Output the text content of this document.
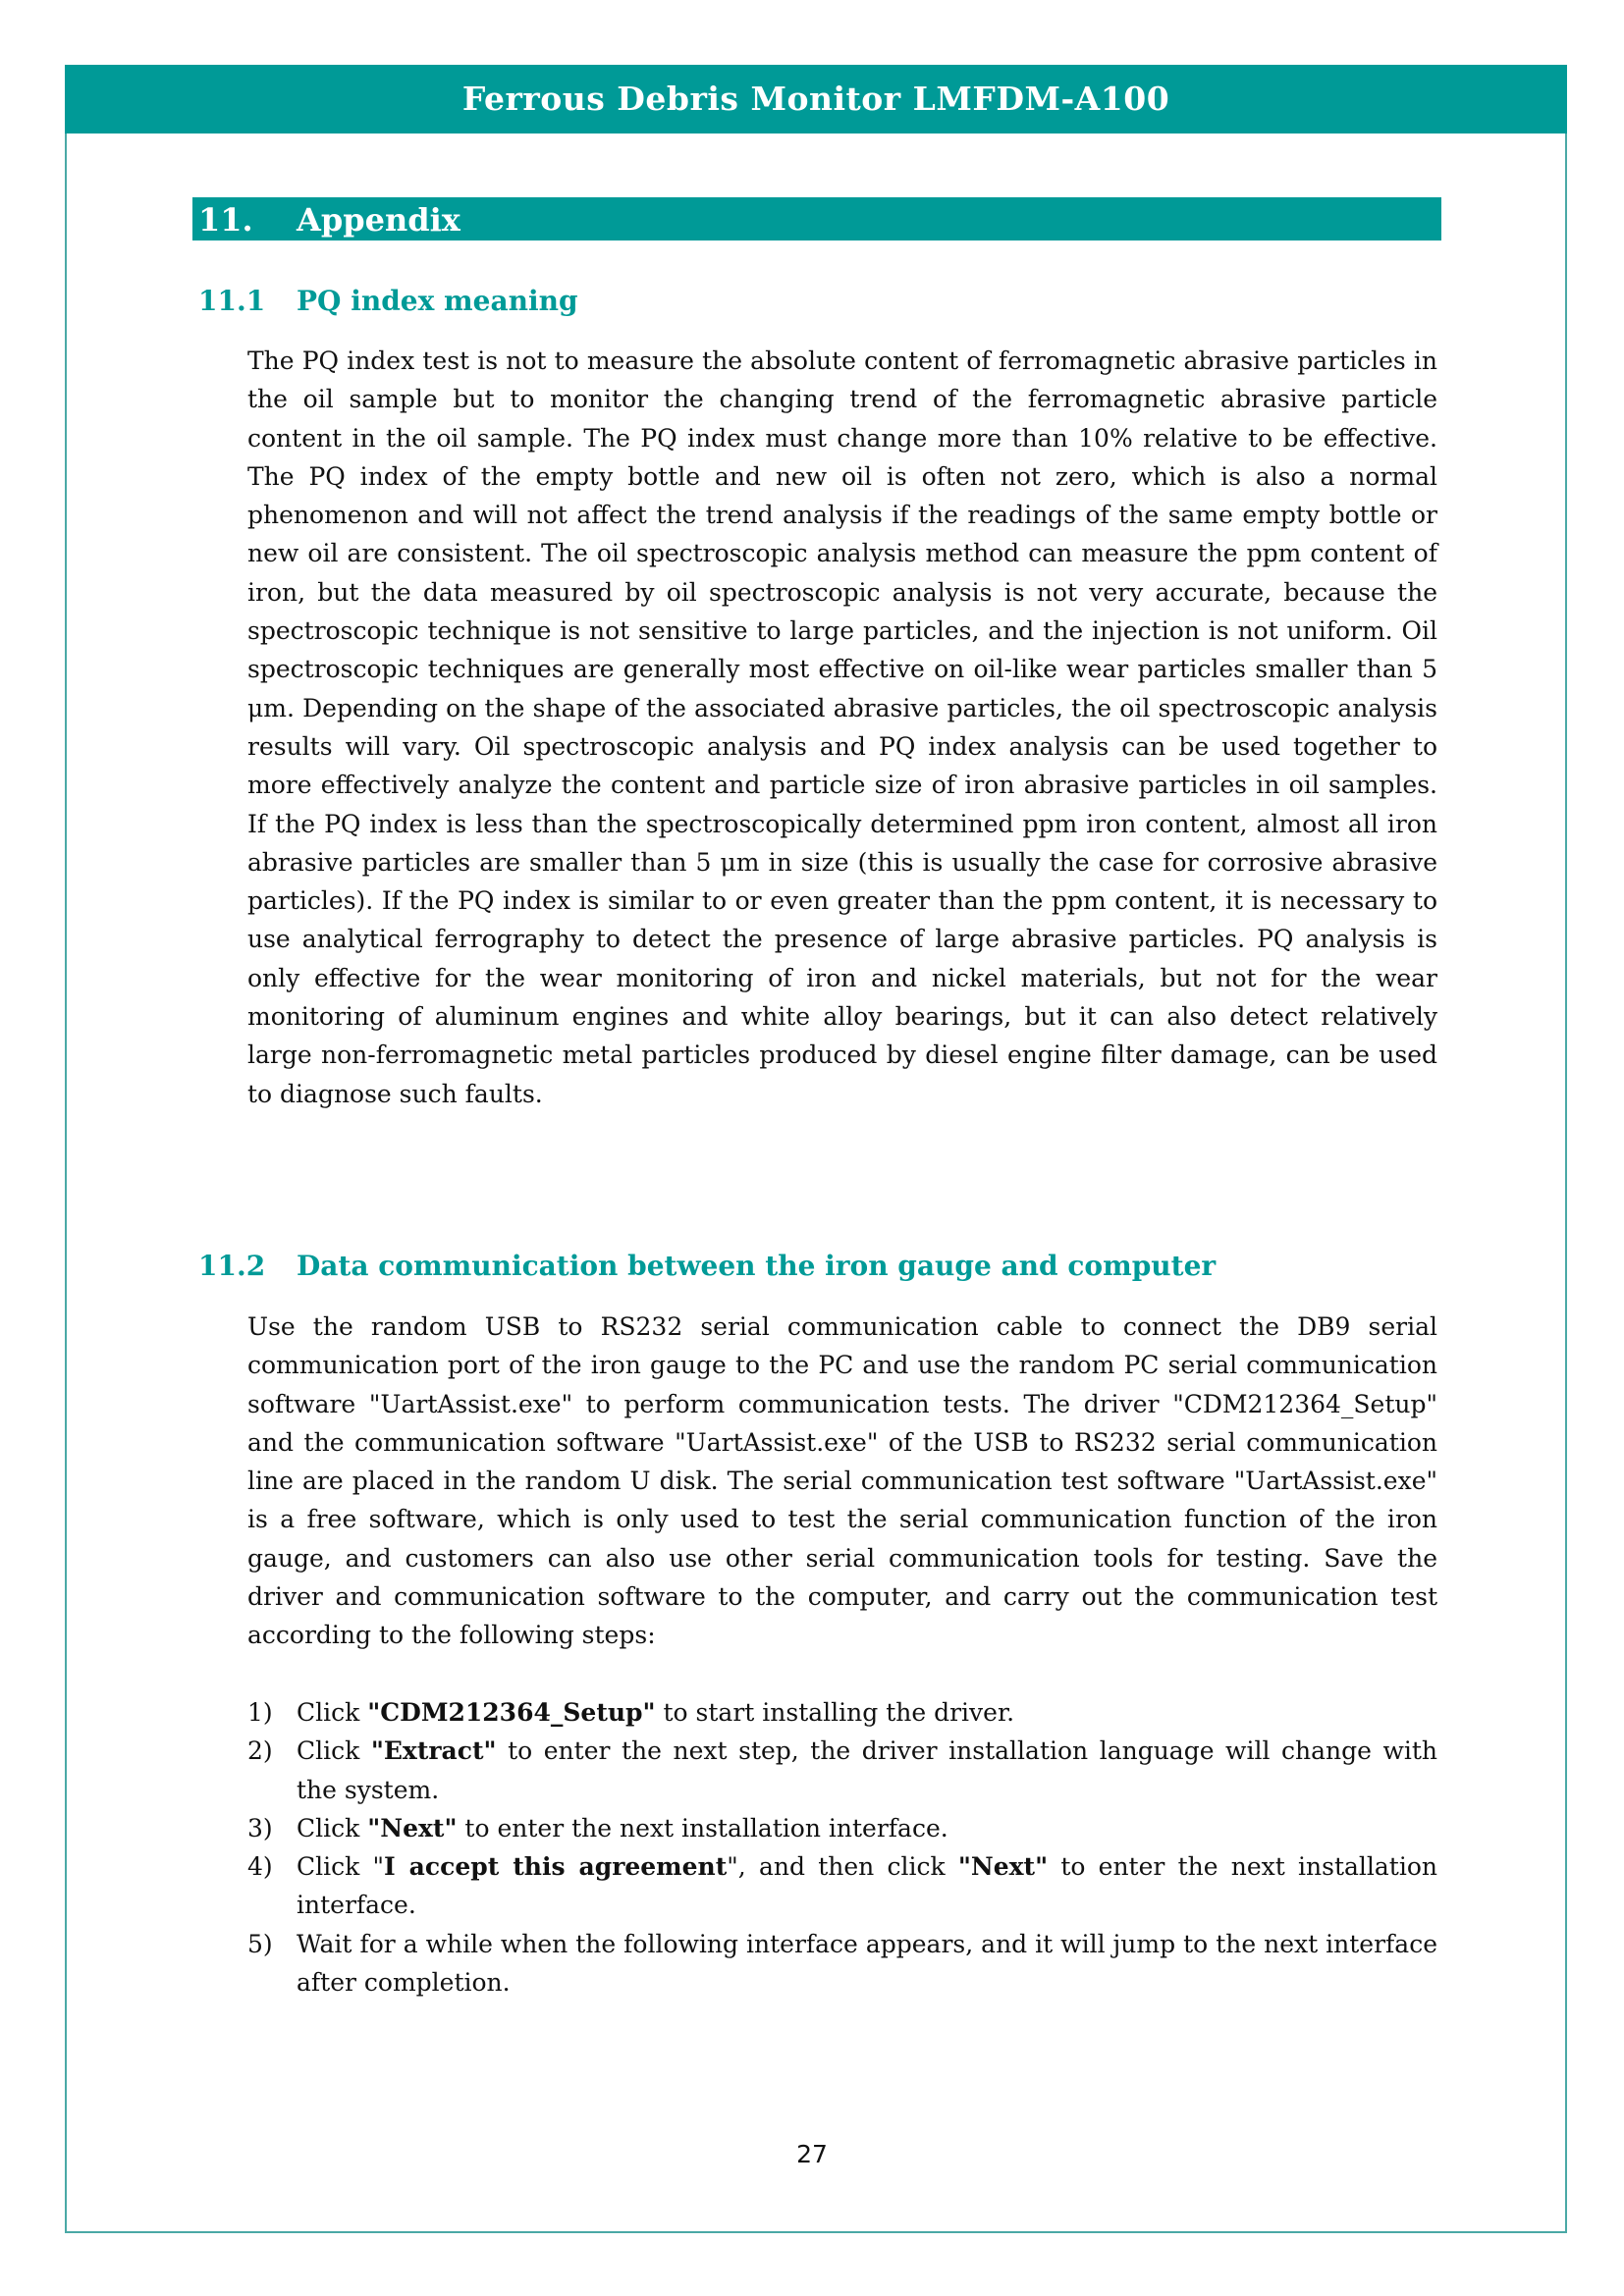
Ferrous Debris Monitor LMFDM-A100
11. Appendix
11.1 PQ index meaning

The PQ index test is not to measure the absolute content of ferromagnetic abrasive particles in the oil sample but to monitor the changing trend of the ferromagnetic abrasive particle content in the oil sample. The PQ index must change more than 10% relative to be effective. The PQ index of the empty bottle and new oil is often not zero, which is also a normal phenomenon and will not affect the trend analysis if the readings of the same empty bottle or new oil are consistent. The oil spectroscopic analysis method can measure the ppm content of iron, but the data measured by oil spectroscopic analysis is not very accurate, because the spectroscopic technique is not sensitive to large particles, and the injection is not uniform. Oil spectroscopic techniques are generally most effective on oil-like wear particles smaller than 5 μm. Depending on the shape of the associated abrasive particles, the oil spectroscopic analysis results will vary. Oil spectroscopic analysis and PQ index analysis can be used together to more effectively analyze the content and particle size of iron abrasive particles in oil samples. If the PQ index is less than the spectroscopically determined ppm iron content, almost all iron abrasive particles are smaller than 5 μm in size (this is usually the case for corrosive abrasive particles). If the PQ index is similar to or even greater than the ppm content, it is necessary to use analytical ferrography to detect the presence of large abrasive particles. PQ analysis is only effective for the wear monitoring of iron and nickel materials, but not for the wear monitoring of aluminum engines and white alloy bearings, but it can also detect relatively large non-ferromagnetic metal particles produced by diesel engine filter damage, can be used to diagnose such faults.

11.2 Data communication between the iron gauge and computer

Use the random USB to RS232 serial communication cable to connect the DB9 serial communication port of the iron gauge to the PC and use the random PC serial communication software "UartAssist.exe" to perform communication tests. The driver "CDM212364_Setup" and the communication software "UartAssist.exe" of the USB to RS232 serial communication line are placed in the random U disk. The serial communication test software "UartAssist.exe" is a free software, which is only used to test the serial communication function of the iron gauge, and customers can also use other serial communication tools for testing. Save the driver and communication software to the computer, and carry out the communication test according to the following steps:

1) Click "CDM212364_Setup" to start installing the driver.
2) Click "Extract" to enter the next step, the driver installation language will change with the system.
3) Click "Next" to enter the next installation interface.
4) Click "I accept this agreement", and then click "Next" to enter the next installation interface.
5) Wait for a while when the following interface appears, and it will jump to the next interface after completion.
27
